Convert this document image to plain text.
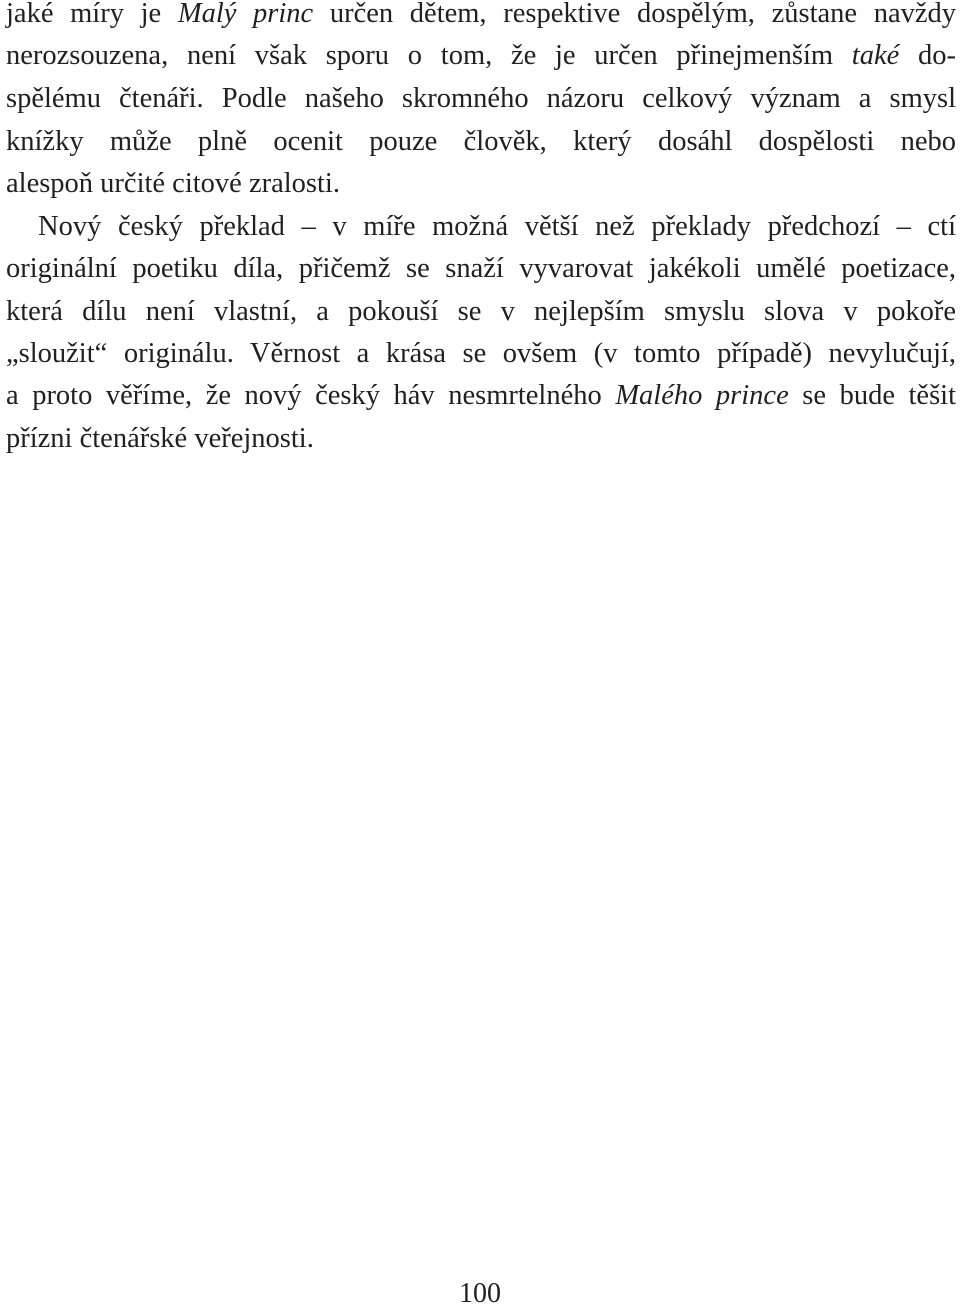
jaké míry je Malý princ určen dětem, respektive dospělým, zůstane navždy
nerozsouzena, není však sporu o tom, že je určen přinejmenším také do-
spělému čtenáři. Podle našeho skromného názoru celkový význam a smysl
knížky může plně ocenit pouze člověk, který dosáhl dospělosti nebo
alespoň určité citové zralosti.
Nový český překlad – v míře možná větší než překlady předchozí – ctí
originální poetiku díla, přičemž se snaží vyvarovat jakékoli umělé poetizace,
která dílu není vlastní, a pokouší se v nejlepším smyslu slova v pokoře
„sloužit“ originálu. Věrnost a krása se ovšem (v tomto případě) nevylučují,
a proto věříme, že nový český háv nesmrtelného Malého prince se bude těšit
přízni čtenářské veřejnosti.
100
